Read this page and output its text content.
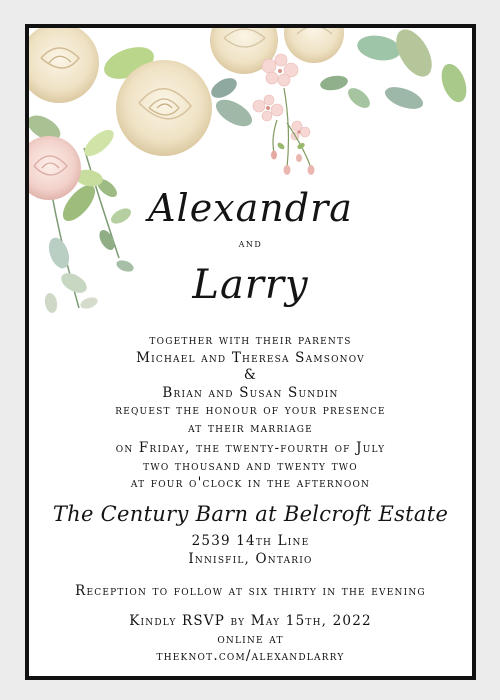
Alexandra
and
Larry
together with their parents
Michael and Theresa Samsonov
&
Brian and Susan Sundin
request the honour of your presence
at their marriage
on Friday, the twenty-fourth of July
two thousand and twenty two
at four o'clock in the afternoon
The Century Barn at Belcroft Estate
2539 14th Line
Innisfil, Ontario
Reception to follow at six thirty in the evening
Kindly RSVP by May 15th, 2022
online at
theknot.com/alexandlarry
